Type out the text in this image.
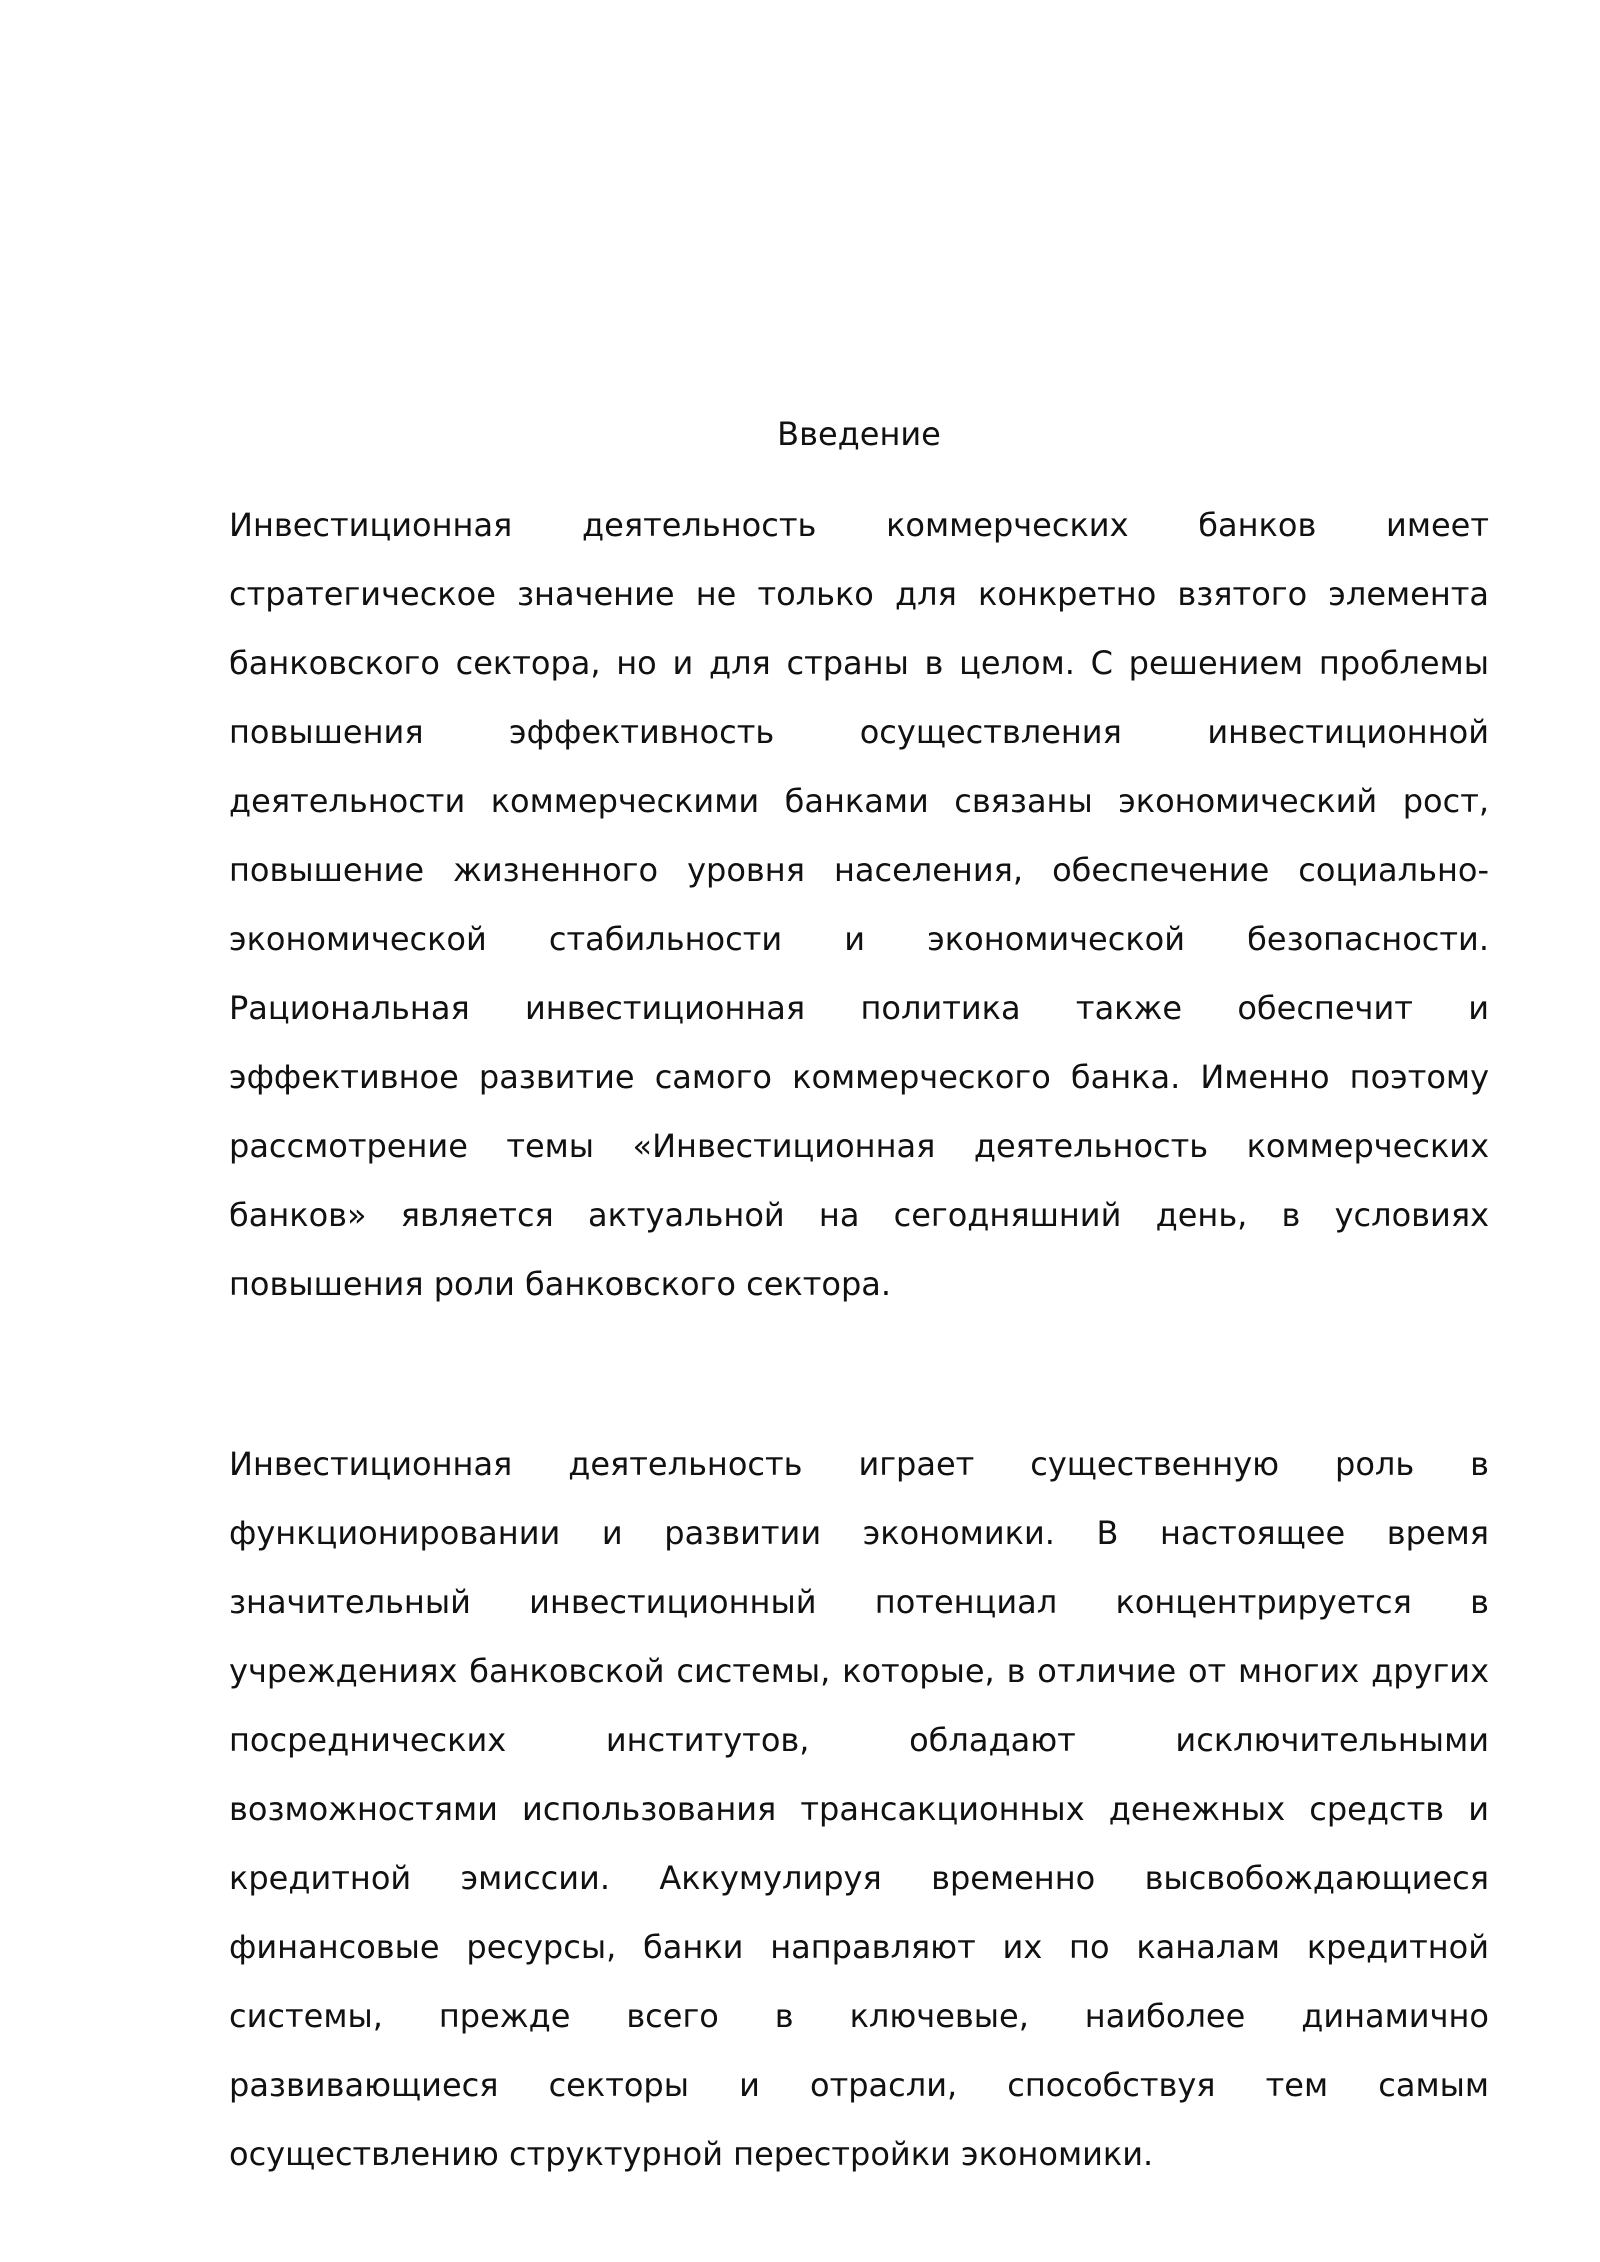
Введение

Инвестиционная деятельность коммерческих банков имеет стратегическое значение не только для конкретно взятого элемента банковского сектора, но и для страны в целом. С решением проблемы повышения эффективность осуществления инвестиционной деятельности коммерческими банками связаны экономический рост, повышение жизненного уровня населения, обеспечение социально-экономической стабильности и экономической безопасности. Рациональная инвестиционная политика также обеспечит и эффективное развитие самого коммерческого банка. Именно поэтому рассмотрение темы «Инвестиционная деятельность коммерческих банков» является актуальной на сегодняшний день, в условиях повышения роли банковского сектора.

Инвестиционная деятельность играет существенную роль в функционировании и развитии экономики. В настоящее время значительный инвестиционный потенциал концентрируется в учреждениях банковской системы, которые, в отличие от многих других посреднических институтов, обладают исключительными возможностями использования трансакционных денежных средств и кредитной эмиссии. Аккумулируя временно высвобождающиеся финансовые ресурсы, банки направляют их по каналам кредитной системы, прежде всего в ключевые, наиболее динамично развивающиеся секторы и отрасли, способствуя тем самым осуществлению структурной перестройки экономики.
